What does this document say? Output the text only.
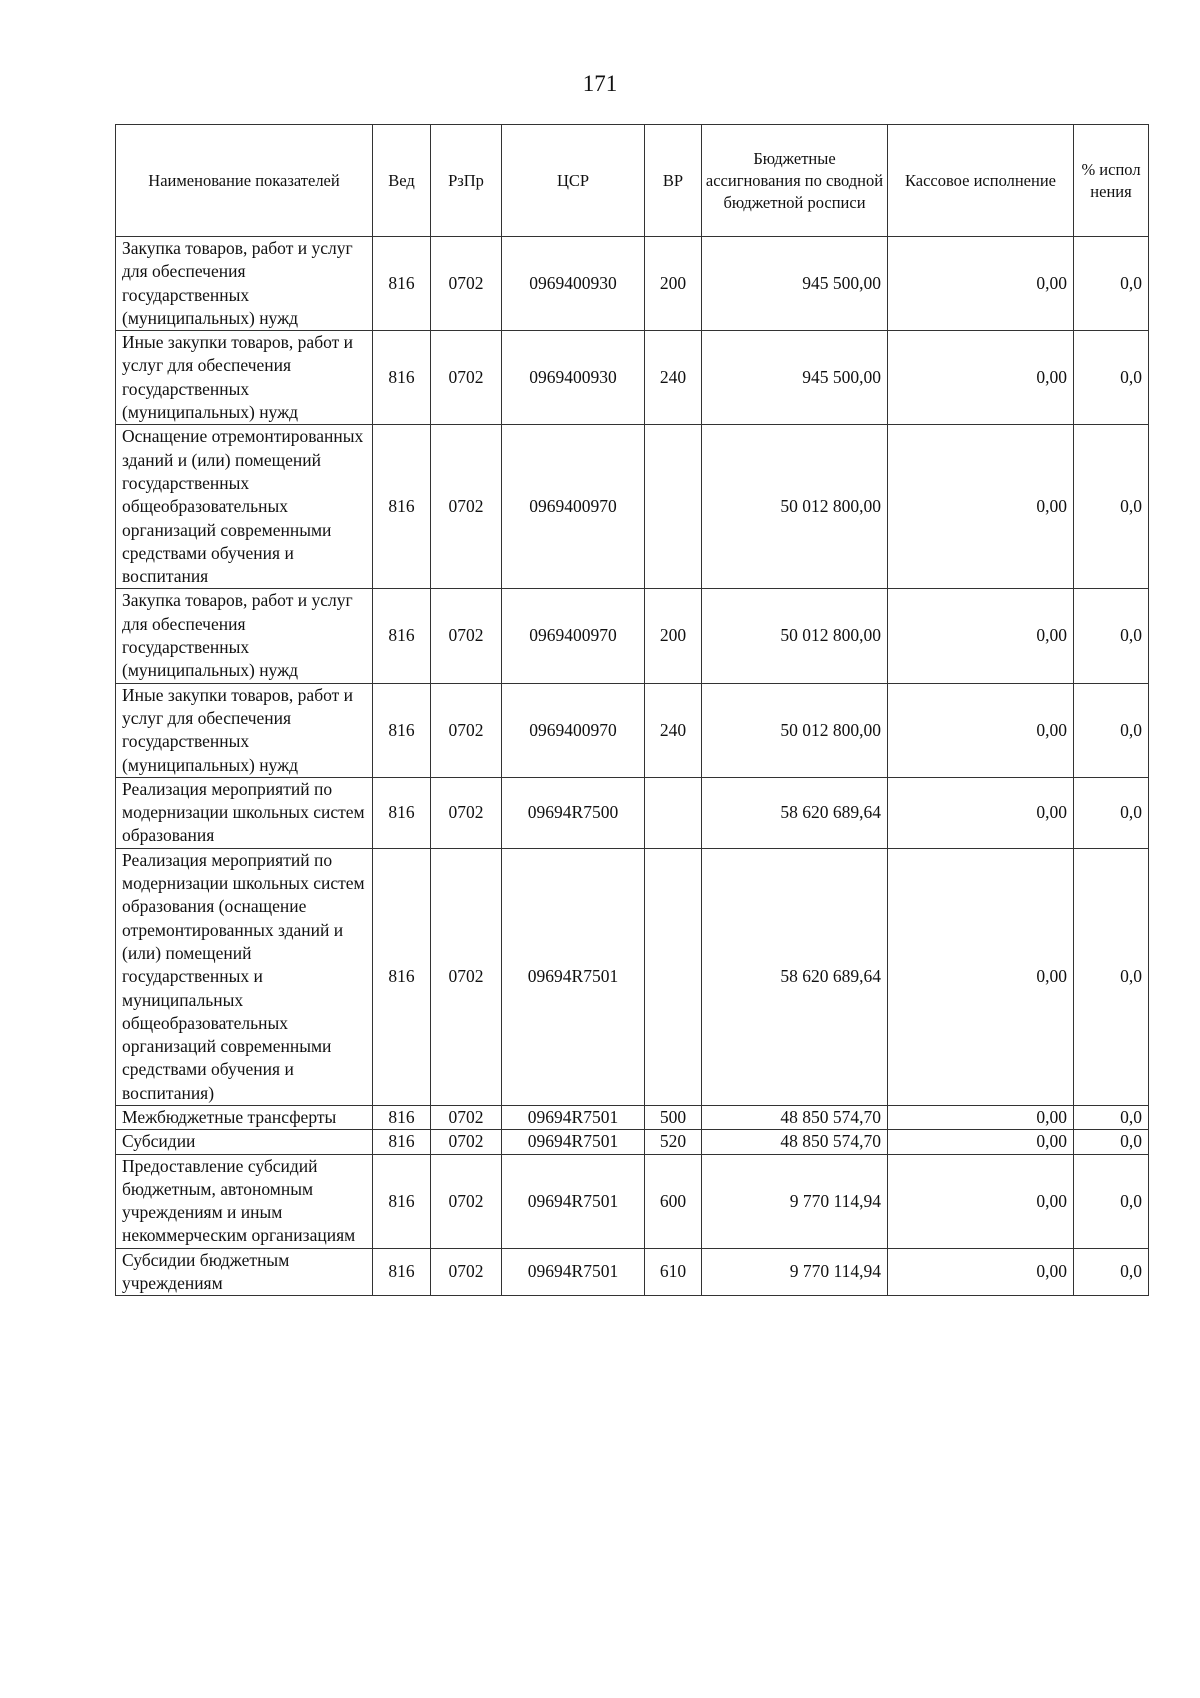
171
Наименование показателей	Вед	РзПр	ЦСР	ВР	Бюджетные ассигнования по сводной бюджетной росписи	Кассовое исполнение	% испол нения
Закупка товаров, работ и услуг для обеспечения государственных (муниципальных) нужд	816	0702	0969400930	200	945 500,00	0,00	0,0
Иные закупки товаров, работ и услуг для обеспечения государственных (муниципальных) нужд	816	0702	0969400930	240	945 500,00	0,00	0,0
Оснащение отремонтированных зданий и (или) помещений государственных общеобразовательных организаций современными средствами обучения и воспитания	816	0702	0969400970		50 012 800,00	0,00	0,0
Закупка товаров, работ и услуг для обеспечения государственных (муниципальных) нужд	816	0702	0969400970	200	50 012 800,00	0,00	0,0
Иные закупки товаров, работ и услуг для обеспечения государственных (муниципальных) нужд	816	0702	0969400970	240	50 012 800,00	0,00	0,0
Реализация мероприятий по модернизации школьных систем образования	816	0702	09694R7500		58 620 689,64	0,00	0,0
Реализация мероприятий по модернизации школьных систем образования (оснащение отремонтированных зданий и (или) помещений государственных и муниципальных общеобразовательных организаций современными средствами обучения и воспитания)	816	0702	09694R7501		58 620 689,64	0,00	0,0
Межбюджетные трансферты	816	0702	09694R7501	500	48 850 574,70	0,00	0,0
Субсидии	816	0702	09694R7501	520	48 850 574,70	0,00	0,0
Предоставление субсидий бюджетным, автономным учреждениям и иным некоммерческим организациям	816	0702	09694R7501	600	9 770 114,94	0,00	0,0
Субсидии бюджетным учреждениям	816	0702	09694R7501	610	9 770 114,94	0,00	0,0
